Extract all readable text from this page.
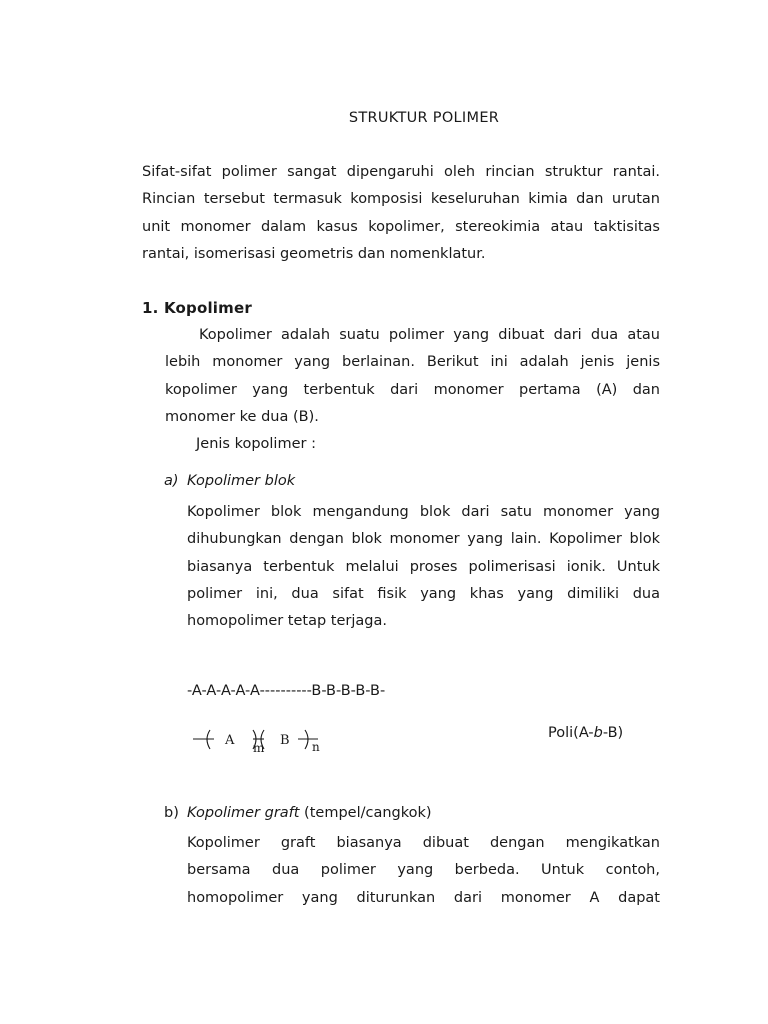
STRUKTUR POLIMER

Sifat-sifat polimer sangat dipengaruhi oleh rincian struktur rantai.
Rincian tersebut termasuk komposisi keseluruhan kimia dan urutan
unit monomer dalam kasus kopolimer, stereokimia atau taktisitas
rantai, isomerisasi geometris dan nomenklatur.

1. Kopolimer

Kopolimer adalah suatu polimer yang dibuat dari dua atau
lebih monomer yang berlainan. Berikut ini adalah jenis jenis
kopolimer yang terbentuk dari monomer pertama (A) dan
monomer ke dua (B).

Jenis kopolimer :
a) Kopolimer blok

Kopolimer blok mengandung blok dari satu monomer yang
dihubungkan dengan blok monomer yang lain. Kopolimer blok
biasanya terbentuk melalui proses polimerisasi ionik. Untuk
polimer ini, dua sifat fisik yang khas yang dimiliki dua
homopolimer tetap terjaga.

-A-A-A-A-A----------B-B-B-B-B-
A m B n
Poli(A-b-B)
b) Kopolimer graft (tempel/cangkok)

Kopolimer graft biasanya dibuat dengan mengikatkan
bersama dua polimer yang berbeda. Untuk contoh,
homopolimer yang diturunkan dari monomer A dapat
